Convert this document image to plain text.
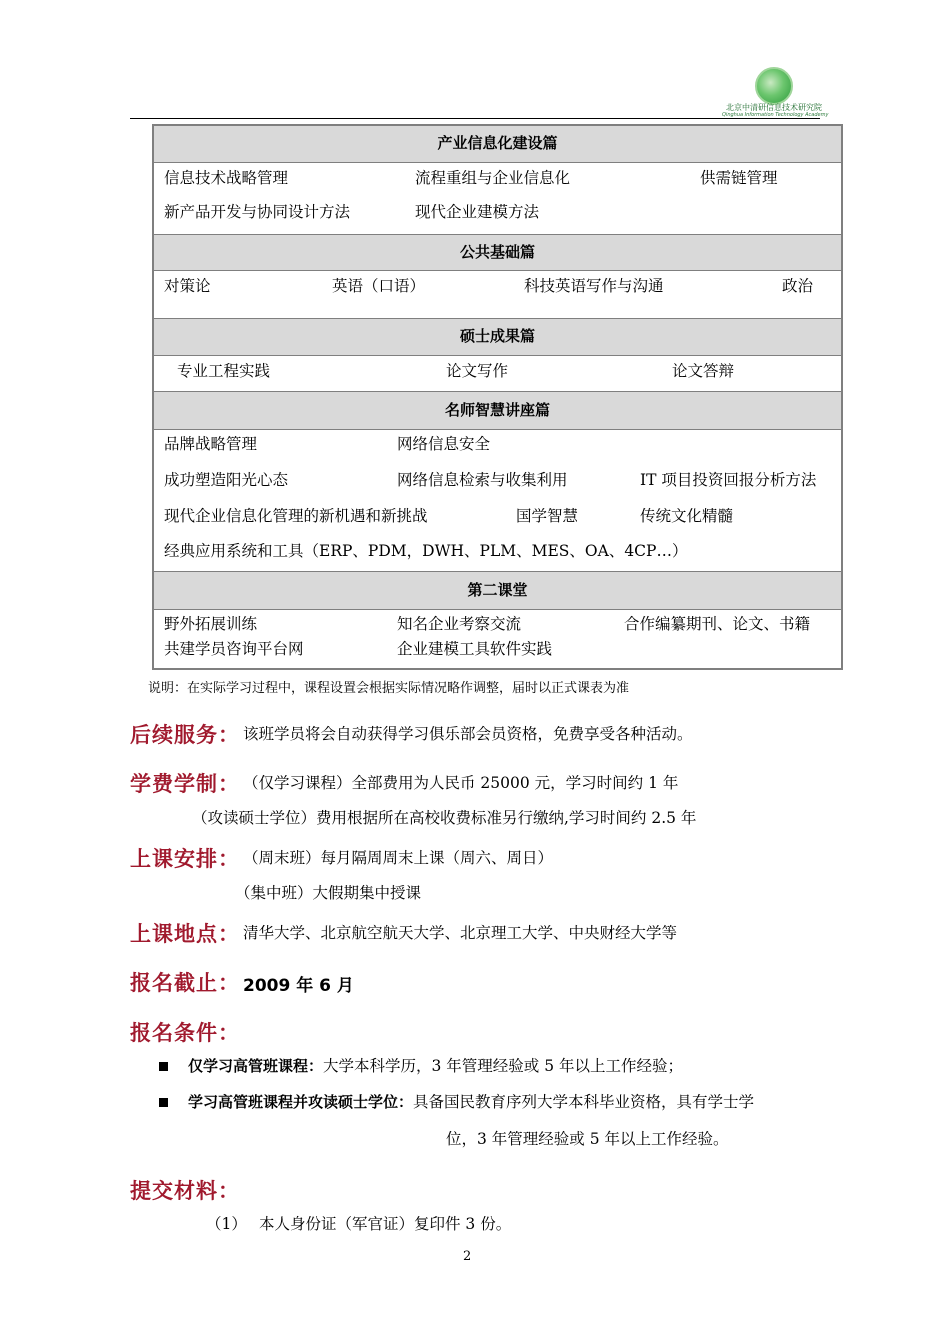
北京中清研信息技术研究院
Qinghua Information Technology Academy
产业信息化建设篇
信息技术战略管理	流程重组与企业信息化	供需链管理
新产品开发与协同设计方法	现代企业建模方法
公共基础篇
对策论	英语（口语）	科技英语写作与沟通	政治
硕士成果篇
专业工程实践	论文写作	论文答辩
名师智慧讲座篇
品牌战略管理	网络信息安全
成功塑造阳光心态	网络信息检索与收集利用	IT 项目投资回报分析方法
现代企业信息化管理的新机遇和新挑战	国学智慧	传统文化精髓
经典应用系统和工具（ERP、PDM，DWH、PLM、MES、OA、4CP…）
第二课堂
野外拓展训练	知名企业考察交流	合作编纂期刊、论文、书籍
共建学员咨询平台网	企业建模工具软件实践
说明：在实际学习过程中，课程设置会根据实际情况略作调整，届时以正式课表为准
后续服务： 该班学员将会自动获得学习俱乐部会员资格，免费享受各种活动。
学费学制： （仅学习课程）全部费用为人民币 25000 元，学习时间约 1 年
（攻读硕士学位）费用根据所在高校收费标准另行缴纳,学习时间约 2.5 年
上课安排： （周末班）每月隔周周末上课（周六、周日）
（集中班）大假期集中授课
上课地点： 清华大学、北京航空航天大学、北京理工大学、中央财经大学等
报名截止： 2009 年 6 月
报名条件：
仅学习高管班课程：大学本科学历，3 年管理经验或 5 年以上工作经验；
学习高管班课程并攻读硕士学位：具备国民教育序列大学本科毕业资格，具有学士学
位，3 年管理经验或 5 年以上工作经验。
提交材料：
（1） 本人身份证（军官证）复印件 3 份。
2
